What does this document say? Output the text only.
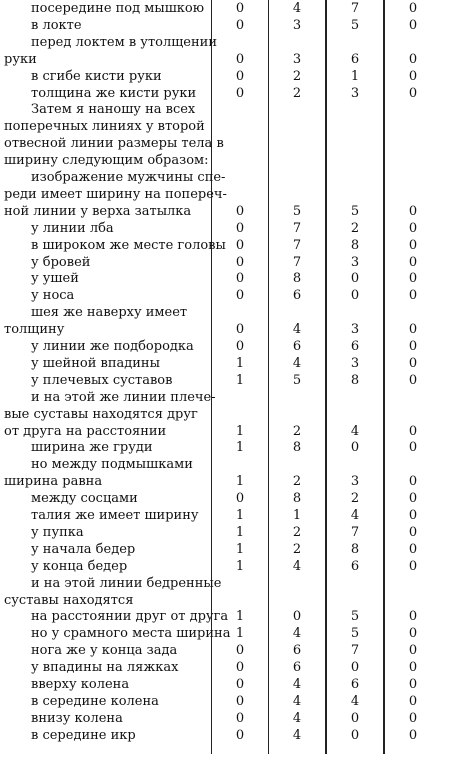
посередине под мышкою 0	4	7	0
в локте	0	3	5	0
перед локтем в утолщении
руки	0	3	6	0
в сгибе кисти руки	0	2	1	0
толщина же кисти руки	0	2	3	0
Затем я наношу на всех
поперечных линиях у второй
отвесной линии размеры тела в
ширину следующим образом:
изображение мужчины спе-
реди имеет ширину на попереч-
ной линии у верха затылка	0	5	5	0
у линии лба	0	7	2	0
в широком же месте головы 0	7	8	0
у бровей	0	7	3	0
у ушей	0	8	0	0
у носа	0	6	0	0
шея же наверху имеет
толщину	0	4	3	0
у линии же подбородка	0	6	6	0
у шейной впадины	1	4	3	0
у плечевых суставов	1	5	8	0
и на этой же линии плече-
вые суставы находятся друг
от друга на расстоянии	1	2	4	0
ширина же груди	1	8	0	0
но между подмышками
ширина равна	1	2	3	0
между сосцами	0	8	2	0
талия же имеет ширину	1	1	4	0
у пупка	1	2	7	0
у начала бедер	1	2	8	0
у конца бедер	1	4	6	0
и на этой линии бедренные
суставы находятся
на расстоянии друг от друга 1	0	5	0
но у срамного места ширина 1	4	5	0
нога же у конца зада	0	6	7	0
у впадины на ляжках	0	6	0	0
вверху колена	0	4	6	0
в середине колена	0	4	4	0
внизу колена	0	4	0	0
в середине икр	0	4	0	0
